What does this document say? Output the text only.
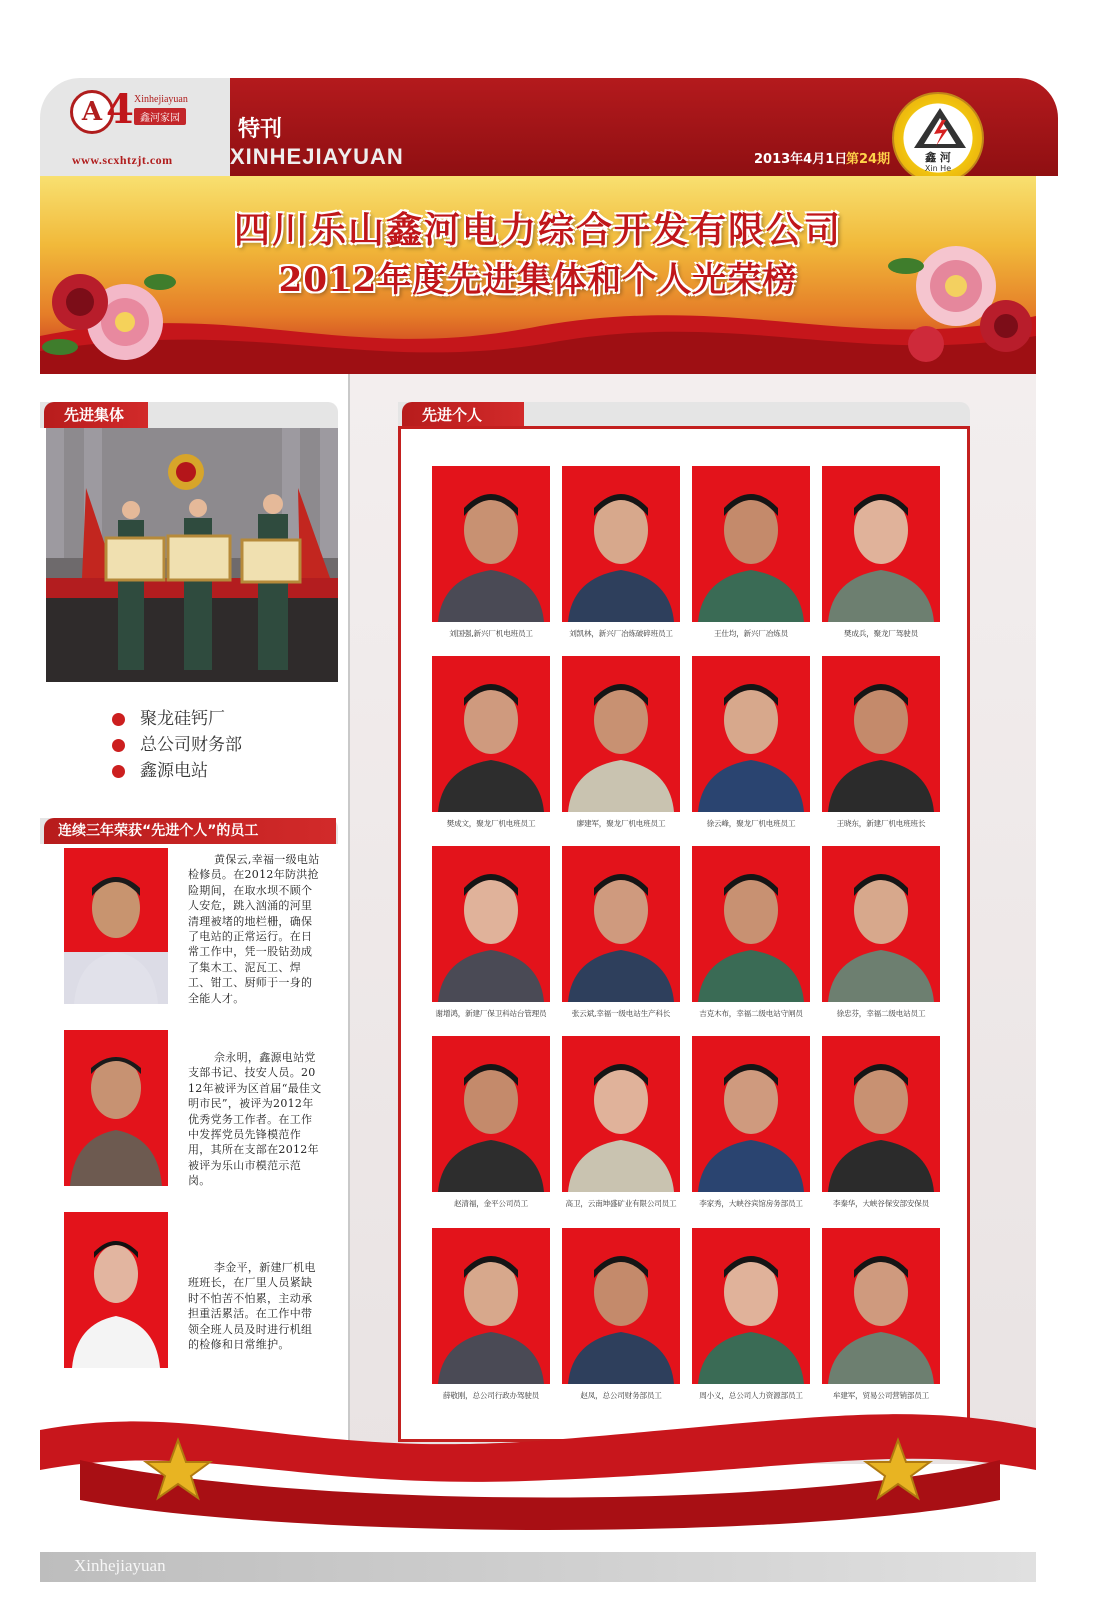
A 4 Xinhejiayuan
鑫河家园
www.scxhtzjt.com
特刊
XINHEJIAYUAN	2013年4月1日
第24期	鑫 河
Xin He
四川乐山鑫河电力综合开发有限公司
2012年度先进集体和个人光荣榜
先进集体
聚龙硅钙厂
总公司财务部
鑫源电站
连续三年荣获“先进个人”的员工
黄保云,幸福一级电站检修员。在2012年防洪抢险期间，在取水坝不顾个人安危，跳入汹涌的河里清理被堵的地栏栅，确保了电站的正常运行。在日常工作中，凭一股钻劲成了集木工、泥瓦工、焊工、钳工、厨师于一身的全能人才。
佘永明，鑫源电站党支部书记、技安人员。2012年被评为区首届“最佳文明市民”，被评为2012年优秀党务工作者。在工作中发挥党员先锋模范作用，其所在支部在2012年被评为乐山市模范示范岗。
李金平，新建厂机电班班长，在厂里人员紧缺时不怕苦不怕累，主动承担重活累活。在工作中带领全班人员及时进行机组的检修和日常维护。
先进个人
刘国强,新兴厂机电班员工	刘凯林，新兴厂冶炼破碎班员工	王仕均，新兴厂冶炼员	樊成兵，聚龙厂驾驶员
樊成文，聚龙厂机电班员工	廖建军，聚龙厂机电班员工	徐云峰，聚龙厂机电班员工	王晓东，新建厂机电班班长
谢增鸿，新建厂保卫科站台管理员	张云斌,幸福一级电站生产科长	吉克木布，幸福二级电站守闸员	徐忠芬，幸福二级电站员工
赵清福，金平公司员工	高卫，云南坤盛矿业有限公司员工	李家秀，大峡谷宾馆房务部员工	李秦华，大峡谷保安部安保员
薛敬刚，总公司行政办驾驶员	赵凤，总公司财务部员工	周小义，总公司人力资源部员工	牟建军，贸易公司营销部员工
Xinhejiayuan
